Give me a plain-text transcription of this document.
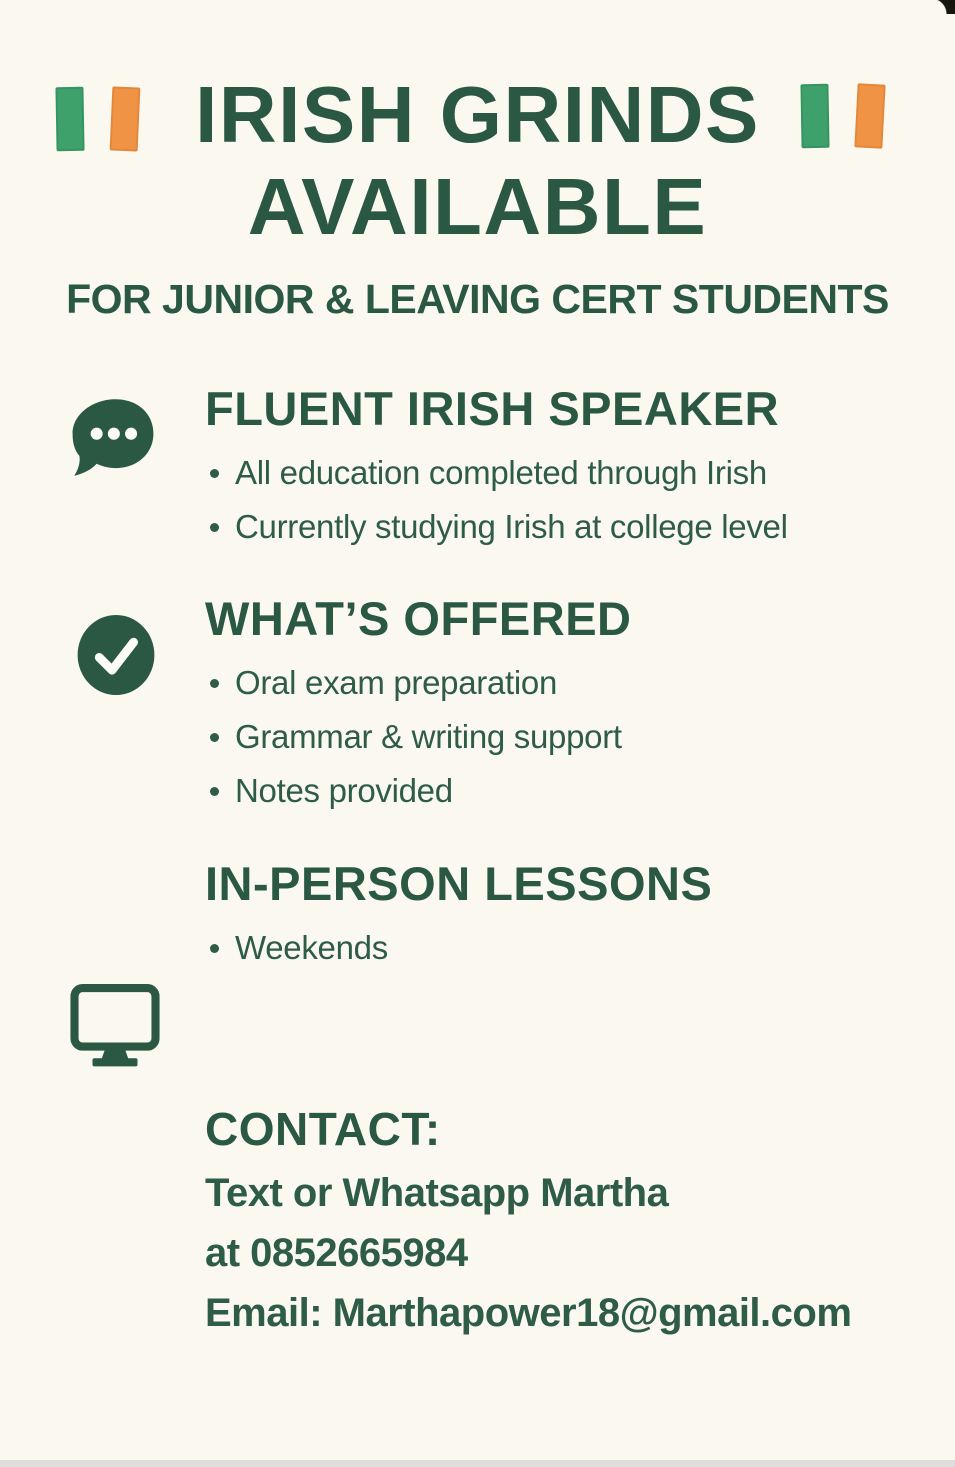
IRISH GRINDS
AVAILABLE
FOR JUNIOR & LEAVING CERT STUDENTS
FLUENT IRISH SPEAKER
All education completed through Irish
Currently studying Irish at college level
WHAT’S OFFERED
Oral exam preparation
Grammar & writing support
Notes provided
IN-PERSON LESSONS
Weekends
CONTACT:
Text or Whatsapp Martha
at 0852665984
Email: Marthapower18@gmail.com
